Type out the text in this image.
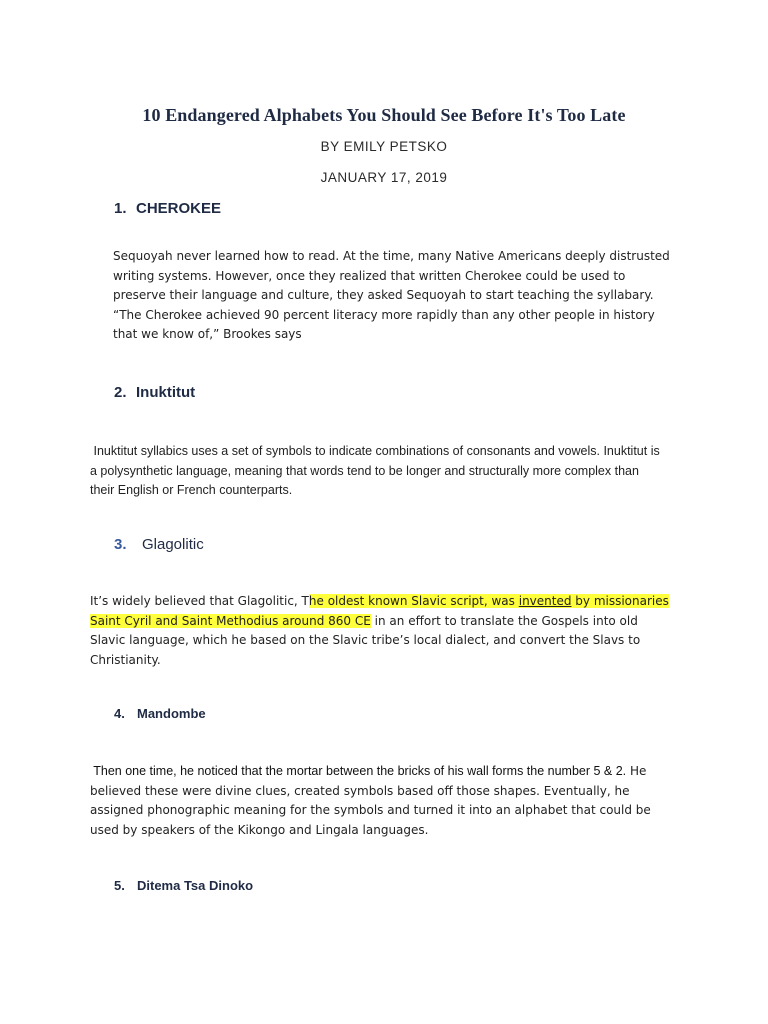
10 Endangered Alphabets You Should See Before It's Too Late
BY EMILY PETSKO
JANUARY 17, 2019
1. CHEROKEE
Sequoyah never learned how to read. At the time, many Native Americans deeply distrusted
writing systems. However, once they realized that written Cherokee could be used to
preserve their language and culture, they asked Sequoyah to start teaching the syllabary.
“The Cherokee achieved 90 percent literacy more rapidly than any other people in history
that we know of,” Brookes says
2. Inuktitut
Inuktitut syllabics uses a set of symbols to indicate combinations of consonants and vowels. Inuktitut is
a polysynthetic language, meaning that words tend to be longer and structurally more complex than
their English or French counterparts.
3. Glagolitic
It’s widely believed that Glagolitic, The oldest known Slavic script, was invented by missionaries
Saint Cyril and Saint Methodius around 860 CE in an effort to translate the Gospels into old
Slavic language, which he based on the Slavic tribe’s local dialect, and convert the Slavs to
Christianity.
4. Mandombe
Then one time, he noticed that the mortar between the bricks of his wall forms the number 5 & 2. He
believed these were divine clues, created symbols based off those shapes. Eventually, he
assigned phonographic meaning for the symbols and turned it into an alphabet that could be
used by speakers of the Kikongo and Lingala languages.
5. Ditema Tsa Dinoko
